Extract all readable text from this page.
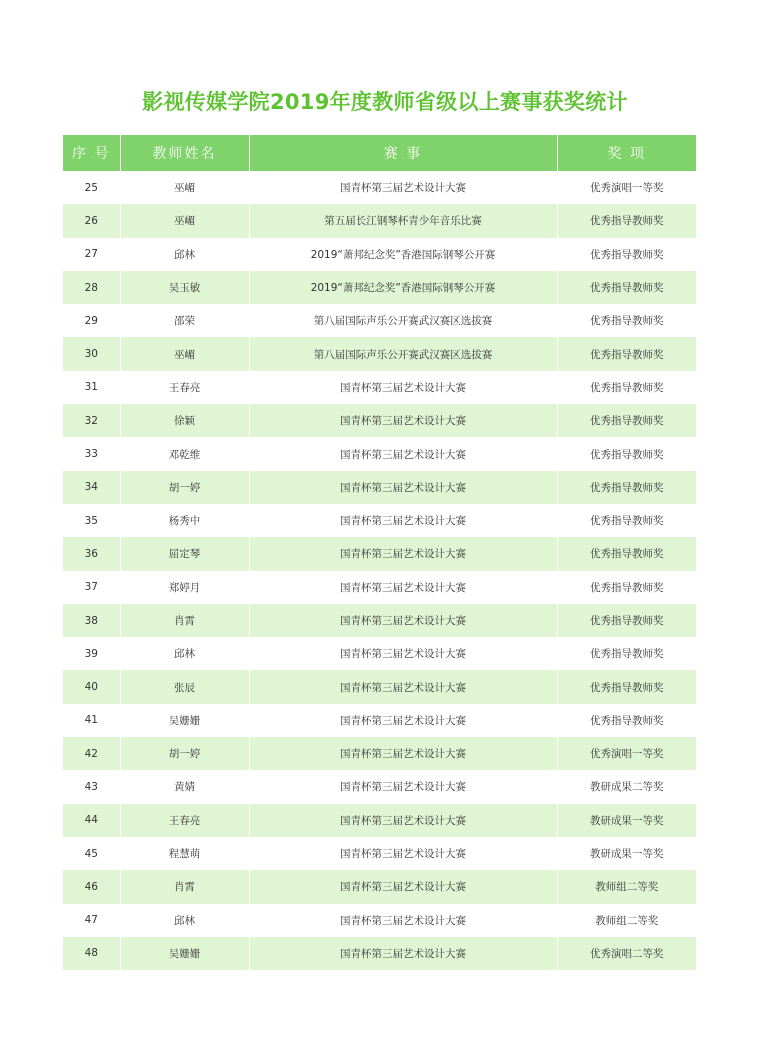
影视传媒学院2019年度教师省级以上赛事获奖统计
序 号	教师姓名	赛 事	奖 项
25	巫嵋	国青杯第三届艺术设计大赛	优秀演唱一等奖
26	巫嵋	第五届长江钢琴杯青少年音乐比赛	优秀指导教师奖
27	邱林	2019“萧邦纪念奖”香港国际钢琴公开赛	优秀指导教师奖
28	吴玉敏	2019“萧邦纪念奖”香港国际钢琴公开赛	优秀指导教师奖
29	邵荣	第八届国际声乐公开赛武汉赛区选拔赛	优秀指导教师奖
30	巫嵋	第八届国际声乐公开赛武汉赛区选拔赛	优秀指导教师奖
31	王春亮	国青杯第三届艺术设计大赛	优秀指导教师奖
32	徐颖	国青杯第三届艺术设计大赛	优秀指导教师奖
33	邓乾维	国青杯第三届艺术设计大赛	优秀指导教师奖
34	胡一婷	国青杯第三届艺术设计大赛	优秀指导教师奖
35	杨秀中	国青杯第三届艺术设计大赛	优秀指导教师奖
36	屈定琴	国青杯第三届艺术设计大赛	优秀指导教师奖
37	郑婷月	国青杯第三届艺术设计大赛	优秀指导教师奖
38	肖霄	国青杯第三届艺术设计大赛	优秀指导教师奖
39	邱林	国青杯第三届艺术设计大赛	优秀指导教师奖
40	张辰	国青杯第三届艺术设计大赛	优秀指导教师奖
41	吴姗姗	国青杯第三届艺术设计大赛	优秀指导教师奖
42	胡一婷	国青杯第三届艺术设计大赛	优秀演唱一等奖
43	黄婧	国青杯第三届艺术设计大赛	教研成果二等奖
44	王春亮	国青杯第三届艺术设计大赛	教研成果一等奖
45	程慧萌	国青杯第三届艺术设计大赛	教研成果一等奖
46	肖霄	国青杯第三届艺术设计大赛	教师组二等奖
47	邱林	国青杯第三届艺术设计大赛	教师组二等奖
48	吴姗姗	国青杯第三届艺术设计大赛	优秀演唱二等奖
